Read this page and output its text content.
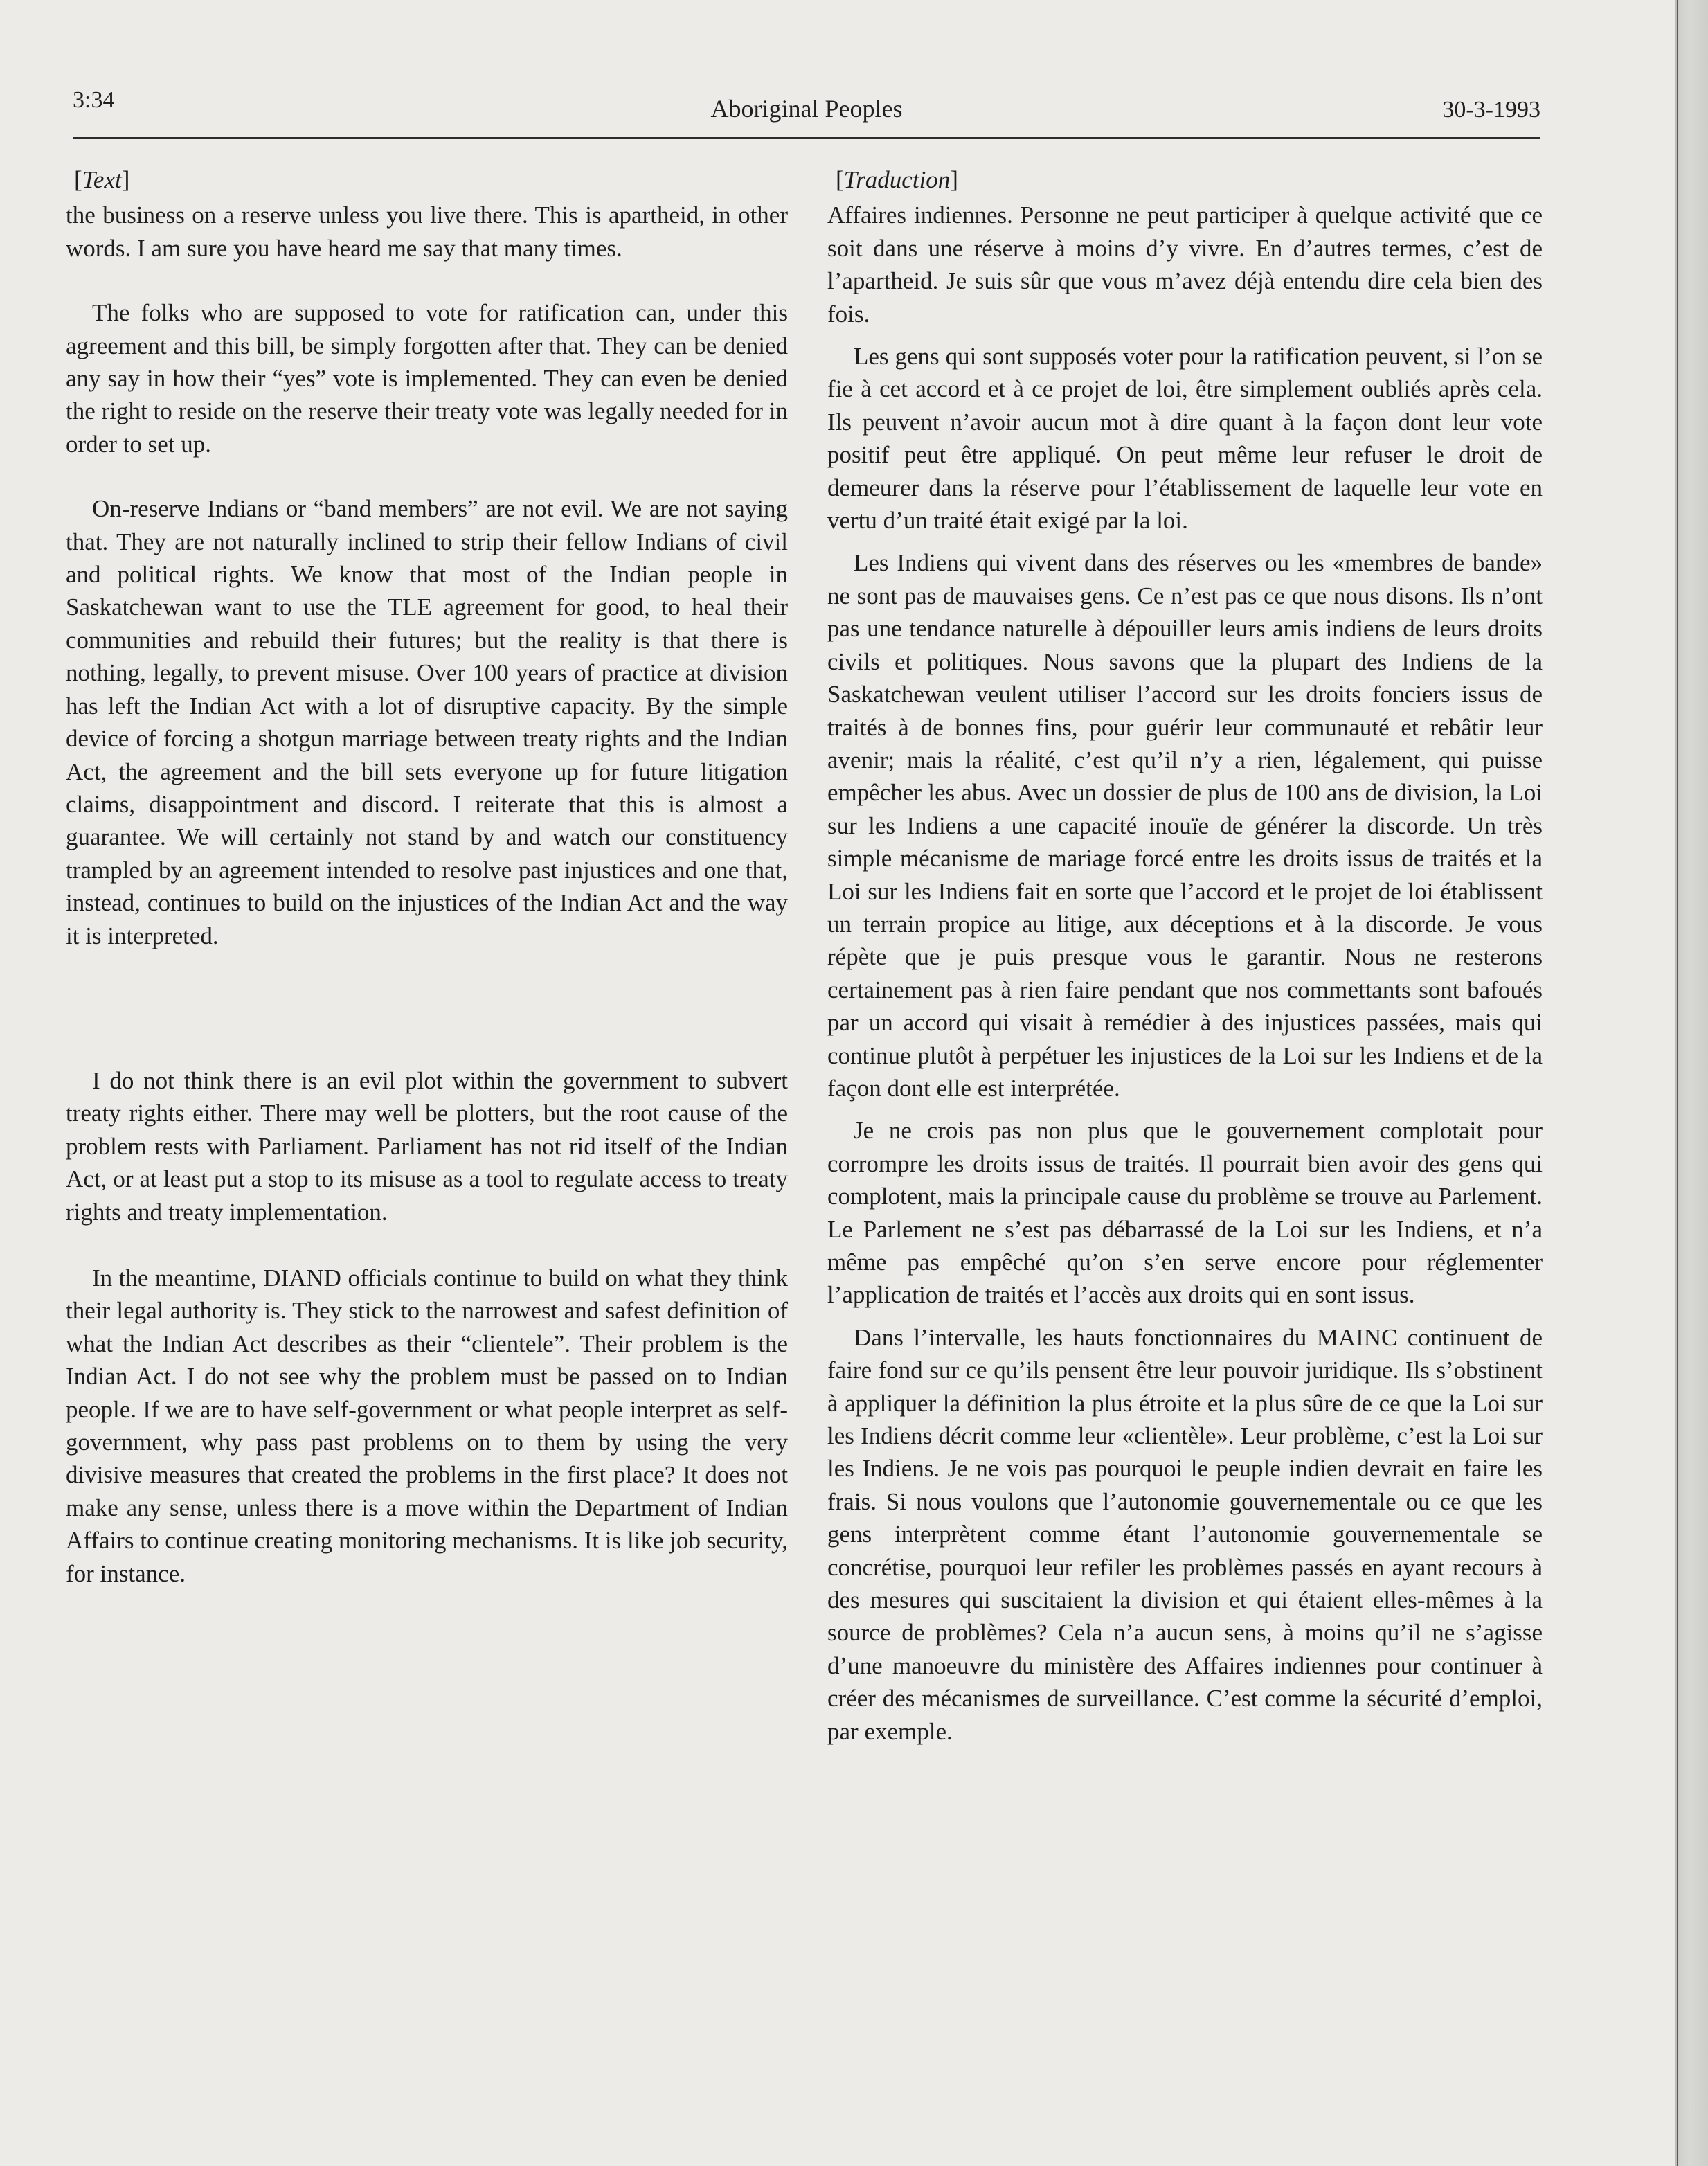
3:34	Aboriginal Peoples	30-3-1993
[Text]

the business on a reserve unless you live there. This is apartheid, in other words. I am sure you have heard me say that many times.

The folks who are supposed to vote for ratification can, under this agreement and this bill, be simply forgotten after that. They can be denied any say in how their “yes” vote is implemented. They can even be denied the right to reside on the reserve their treaty vote was legally needed for in order to set up.

On-reserve Indians or “band members” are not evil. We are not saying that. They are not naturally inclined to strip their fellow Indians of civil and political rights. We know that most of the Indian people in Saskatchewan want to use the TLE agreement for good, to heal their communities and rebuild their futures; but the reality is that there is nothing, legally, to prevent misuse. Over 100 years of practice at division has left the Indian Act with a lot of disruptive capacity. By the simple device of forcing a shotgun marriage between treaty rights and the Indian Act, the agreement and the bill sets everyone up for future litigation claims, disappointment and discord. I reiterate that this is almost a guarantee. We will certainly not stand by and watch our constituency trampled by an agreement intended to resolve past injustices and one that, instead, continues to build on the injustices of the Indian Act and the way it is interpreted.

I do not think there is an evil plot within the government to subvert treaty rights either. There may well be plotters, but the root cause of the problem rests with Parliament. Parliament has not rid itself of the Indian Act, or at least put a stop to its misuse as a tool to regulate access to treaty rights and treaty implementation.

In the meantime, DIAND officials continue to build on what they think their legal authority is. They stick to the narrowest and safest definition of what the Indian Act describes as their “clientele”. Their problem is the Indian Act. I do not see why the problem must be passed on to Indian people. If we are to have self-government or what people interpret as self-government, why pass past problems on to them by using the very divisive measures that created the problems in the first place? It does not make any sense, unless there is a move within the Department of Indian Affairs to continue creating monitoring mechanisms. It is like job security, for instance.

[Traduction]

Affaires indiennes. Personne ne peut participer à quelque activité que ce soit dans une réserve à moins d’y vivre. En d’autres termes, c’est de l’apartheid. Je suis sûr que vous m’avez déjà entendu dire cela bien des fois.

Les gens qui sont supposés voter pour la ratification peuvent, si l’on se fie à cet accord et à ce projet de loi, être simplement oubliés après cela. Ils peuvent n’avoir aucun mot à dire quant à la façon dont leur vote positif peut être appliqué. On peut même leur refuser le droit de demeurer dans la réserve pour l’établissement de laquelle leur vote en vertu d’un traité était exigé par la loi.

Les Indiens qui vivent dans des réserves ou les «membres de bande» ne sont pas de mauvaises gens. Ce n’est pas ce que nous disons. Ils n’ont pas une tendance naturelle à dépouiller leurs amis indiens de leurs droits civils et politiques. Nous savons que la plupart des Indiens de la Saskatchewan veulent utiliser l’accord sur les droits fonciers issus de traités à de bonnes fins, pour guérir leur communauté et rebâtir leur avenir; mais la réalité, c’est qu’il n’y a rien, légalement, qui puisse empêcher les abus. Avec un dossier de plus de 100 ans de division, la Loi sur les Indiens a une capacité inouïe de générer la discorde. Un très simple mécanisme de mariage forcé entre les droits issus de traités et la Loi sur les Indiens fait en sorte que l’accord et le projet de loi établissent un terrain propice au litige, aux déceptions et à la discorde. Je vous répète que je puis presque vous le garantir. Nous ne resterons certainement pas à rien faire pendant que nos commettants sont bafoués par un accord qui visait à remédier à des injustices passées, mais qui continue plutôt à perpétuer les injustices de la Loi sur les Indiens et de la façon dont elle est interprétée.

Je ne crois pas non plus que le gouvernement complotait pour corrompre les droits issus de traités. Il pourrait bien avoir des gens qui complotent, mais la principale cause du problème se trouve au Parlement. Le Parlement ne s’est pas débarrassé de la Loi sur les Indiens, et n’a même pas empêché qu’on s’en serve encore pour réglementer l’application de traités et l’accès aux droits qui en sont issus.

Dans l’intervalle, les hauts fonctionnaires du MAINC continuent de faire fond sur ce qu’ils pensent être leur pouvoir juridique. Ils s’obstinent à appliquer la définition la plus étroite et la plus sûre de ce que la Loi sur les Indiens décrit comme leur «clientèle». Leur problème, c’est la Loi sur les Indiens. Je ne vois pas pourquoi le peuple indien devrait en faire les frais. Si nous voulons que l’autonomie gouvernementale ou ce que les gens interprètent comme étant l’autonomie gouvernementale se concrétise, pourquoi leur refiler les problèmes passés en ayant recours à des mesures qui suscitaient la division et qui étaient elles-mêmes à la source de problèmes? Cela n’a aucun sens, à moins qu’il ne s’agisse d’une manoeuvre du ministère des Affaires indiennes pour continuer à créer des mécanismes de surveillance. C’est comme la sécurité d’emploi, par exemple.
